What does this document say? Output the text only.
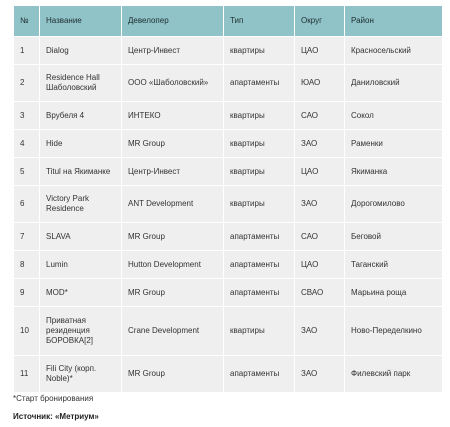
№	Название	Девелопер	Тип	Округ	Район
1	Dialog	Центр-Инвест	квартиры	ЦАО	Красносельский
2	Residence Hall Шаболовский	ООО «Шаболовский»	апартаменты	ЮАО	Даниловский
3	Врубеля 4	ИНТЕКО	квартиры	САО	Сокол
4	Hide	MR Group	квартиры	ЗАО	Раменки
5	Titul на Якиманке	Центр-Инвест	квартиры	ЦАО	Якиманка
6	Victory Park Residence	ANT Development	квартиры	ЗАО	Дорогомилово
7	SLAVA	MR Group	апартаменты	САО	Беговой
8	Lumin	Hutton Development	апартаменты	ЦАО	Таганский
9	MOD*	MR Group	апартаменты	СВАО	Марьина роща
10	Приватная резиденция БОРОВКА[2]	Crane Development	квартиры	ЗАО	Ново-Переделкино
11	Fili City (корп. Noble)*	MR Group	апартаменты	ЗАО	Филевский парк
*Старт бронирования
Источник: «Метриум»
